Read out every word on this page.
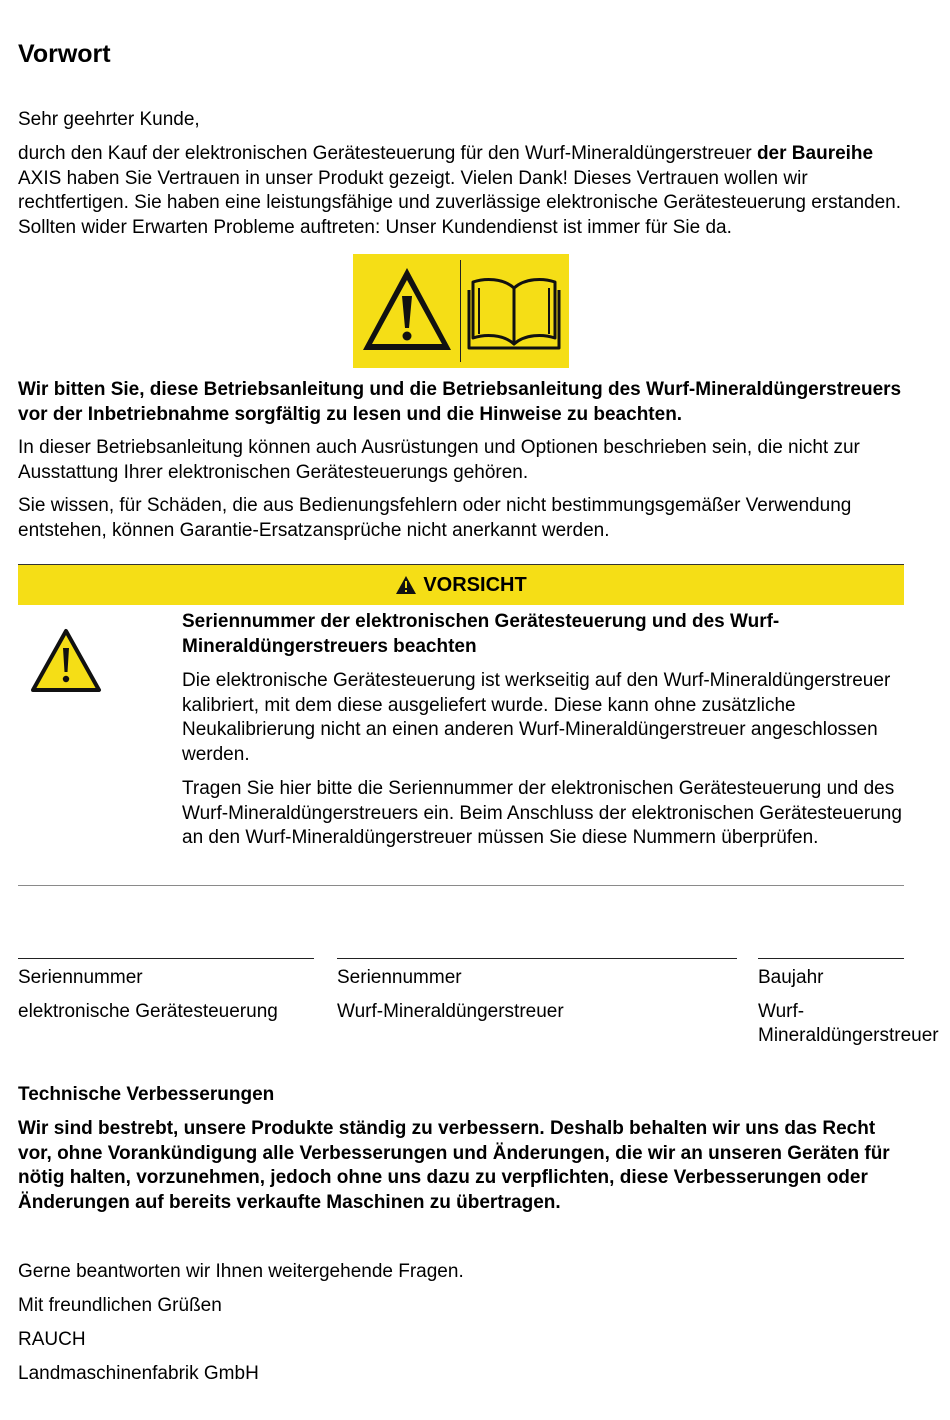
Vorwort

Sehr geehrter Kunde,

durch den Kauf der elektronischen Gerätesteuerung für den Wurf-Mineraldüngerstreuer der Baureihe AXIS haben Sie Vertrauen in unser Produkt gezeigt. Vielen Dank! Dieses Vertrauen wollen wir rechtfertigen. Sie haben eine leistungsfähige und zuverlässige elektronische Gerätesteuerung erstanden. Sollten wider Erwarten Probleme auftreten: Unser Kundendienst ist immer für Sie da.

Wir bitten Sie, diese Betriebsanleitung und die Betriebsanleitung des Wurf-Mineraldüngerstreuers vor der Inbetriebnahme sorgfältig zu lesen und die Hinweise zu beachten.

In dieser Betriebsanleitung können auch Ausrüstungen und Optionen beschrieben sein, die nicht zur Ausstattung Ihrer elektronischen Gerätesteuerungs gehören.

Sie wissen, für Schäden, die aus Bedienungsfehlern oder nicht bestimmungsgemäßer Verwendung entstehen, können Garantie-Ersatzansprüche nicht anerkannt werden.

VORSICHT

Seriennummer der elektronischen Gerätesteuerung und des Wurf-Mineraldüngerstreuers beachten

Die elektronische Gerätesteuerung ist werkseitig auf den Wurf-Mineraldüngerstreuer kalibriert, mit dem diese ausgeliefert wurde. Diese kann ohne zusätzliche Neukalibrierung nicht an einen anderen Wurf-Mineraldüngerstreuer angeschlossen werden.

Tragen Sie hier bitte die Seriennummer der elektronischen Gerätesteuerung und des Wurf-Mineraldüngerstreuers ein. Beim Anschluss der elektronischen Gerätesteuerung an den Wurf-Mineraldüngerstreuer müssen Sie diese Nummern überprüfen.

Seriennummer
elektronische Gerätesteuerung
Seriennummer
Wurf-Mineraldüngerstreuer
Baujahr
Wurf-Mineraldüngerstreuer

Technische Verbesserungen

Wir sind bestrebt, unsere Produkte ständig zu verbessern. Deshalb behalten wir uns das Recht vor, ohne Vorankündigung alle Verbesserungen und Änderungen, die wir an unseren Geräten für nötig halten, vorzunehmen, jedoch ohne uns dazu zu verpflichten, diese Verbesserungen oder Änderungen auf bereits verkaufte Maschinen zu übertragen.

Gerne beantworten wir Ihnen weitergehende Fragen.

Mit freundlichen Grüßen

RAUCH

Landmaschinenfabrik GmbH
